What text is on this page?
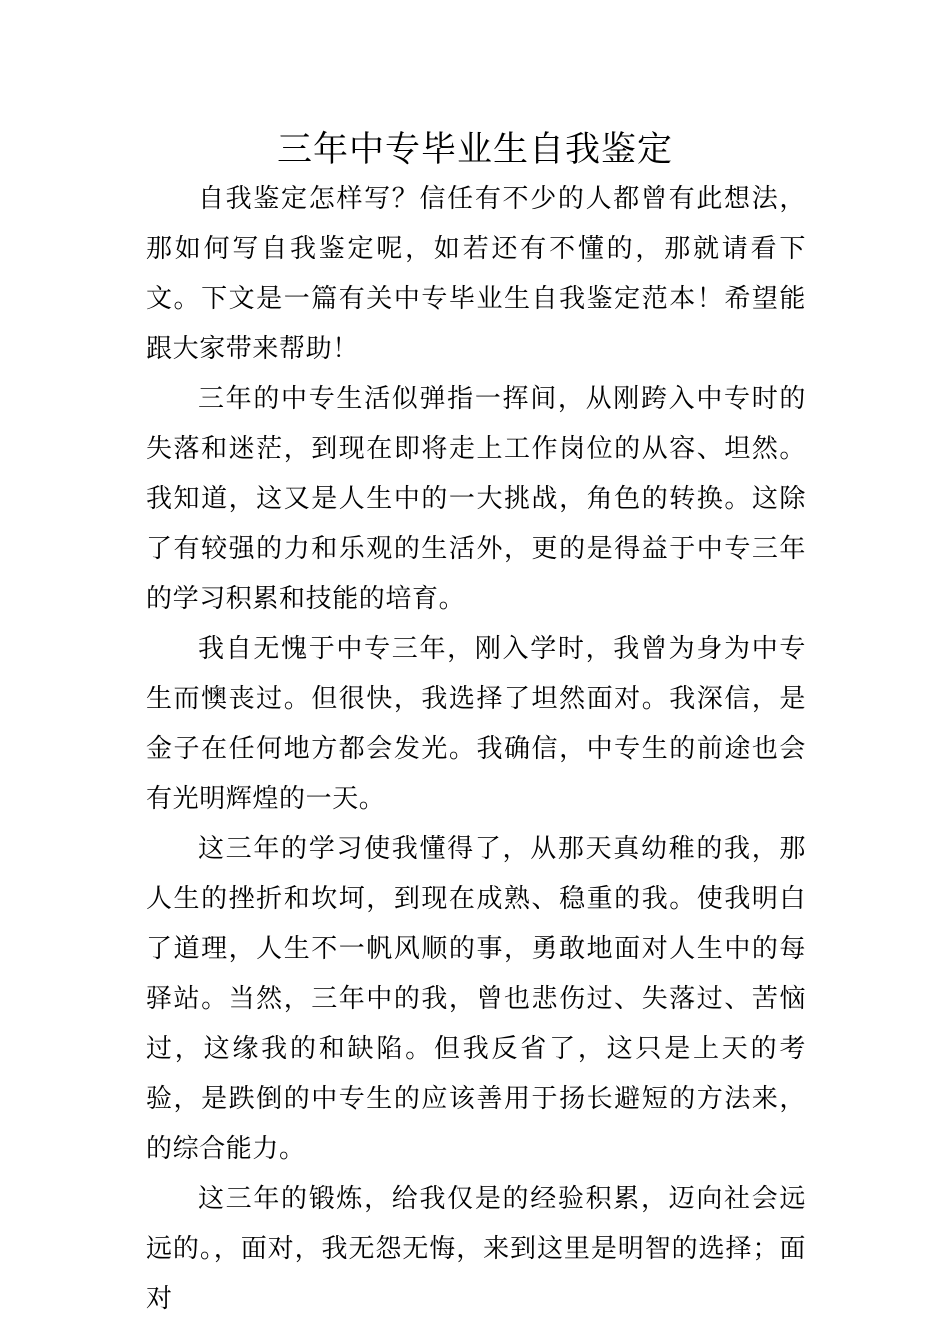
三年中专毕业生自我鉴定

自我鉴定怎样写？信任有不少的人都曾有此想法，那如何写自我鉴定呢，如若还有不懂的，那就请看下文。下文是一篇有关中专毕业生自我鉴定范本！希望能跟大家带来帮助！

三年的中专生活似弹指一挥间，从刚跨入中专时的失落和迷茫，到现在即将走上工作岗位的从容、坦然。我知道，这又是人生中的一大挑战，角色的转换。这除了有较强的力和乐观的生活外，更的是得益于中专三年的学习积累和技能的培育。

我自无愧于中专三年，刚入学时，我曾为身为中专生而懊丧过。但很快，我选择了坦然面对。我深信，是金子在任何地方都会发光。我确信，中专生的前途也会有光明辉煌的一天。

这三年的学习使我懂得了，从那天真幼稚的我，那人生的挫折和坎坷，到现在成熟、稳重的我。使我明白了道理，人生不一帆风顺的事，勇敢地面对人生中的每驿站。当然，三年中的我，曾也悲伤过、失落过、苦恼过，这缘我的和缺陷。但我反省了，这只是上天的考验，是跌倒的中专生的应该善用于扬长避短的方法来，的综合能力。

这三年的锻炼，给我仅是的经验积累，迈向社会远远的。，面对，我无怨无悔，来到这里是明智的选择；面对
